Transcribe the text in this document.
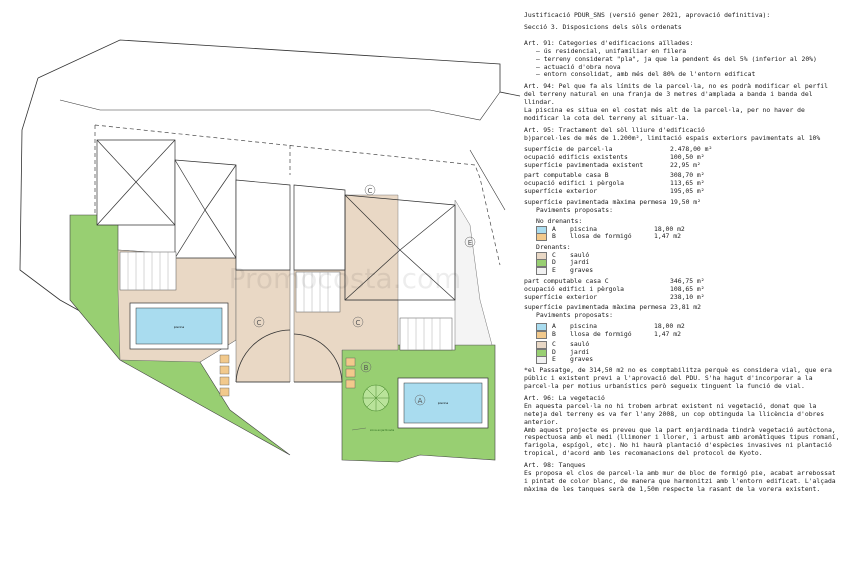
piscina
piscina
zona enjardinada
C	C
C
B
A
E
Promocosta.com
Justificació PDUR_SNS (versió gener 2021, aprovació definitiva):
Secció 3. Disposicions dels sòls ordenats
Art. 91: Categories d'edificacions aïllades:
– ús residencial, unifamiliar en filera
– terreny considerat "pla", ja que la pendent és del 5% (inferior al 20%)
– actuació d'obra nova
– entorn consolidat, amb més del 80% de l'entorn edificat
Art. 94: Pel que fa als límits de la parcel·la, no es podrà modificar el perfil del terreny natural en una franja de 3 metres d'amplada a banda i banda del llindar.
La piscina es situa en el costat més alt de la parcel·la, per no haver de modificar la cota del terreny al situar-la.
Art. 95: Tractament del sòl lliure d'edificació
b)parcel·les de més de 1.200m², limitació espais exteriors pavimentats al 10%
superfície de parcel·la	2.478,00 m²
ocupació edificis existents	100,50 m²
superfície pavimentada existent	22,95 m²
part computable casa B	308,70 m²
ocupació edifici i pèrgola	113,65 m²
superfície exterior	195,05 m²
superfície pavimentada màxima permesa 19,50 m²
Paviments proposats:
No drenants:
A	piscina	18,00 m2
B	llosa de formigó	1,47 m2
Drenants:
C	sauló
D	jardí
E	graves
part computable casa C	346,75 m²
ocupació edifici i pèrgola	108,65 m²
superfície exterior	238,10 m²
superfície pavimentada màxima permesa 23,81 m2
Paviments proposats:
A	piscina	18,00 m2
B	llosa de formigó	1,47 m2
C	sauló
D	jardí
E	graves
*el Passatge, de 314,50 m2 no es comptabilitza perquè es considera vial, que era públic i existent previ a l'aprovació del PDU. S'ha hagut d'incorporar a la parcel·la per motius urbanístics però segueix tinguent la funció de vial.
Art. 96: La vegetació
En aquesta parcel·la no hi trobem arbrat existent ni vegetació, donat que la neteja del terreny es va fer l'any 2008, un cop obtinguda la llicència d'obres anterior.
Amb aquest projecte es preveu que la part enjardinada tindrà vegetació autòctona, respectuosa amb el medi (llimoner i llorer, i arbust amb aromàtiques tipus romaní, farigola, espígol, etc). No hi haurà plantació d'espècies invasives ni plantació tropical, d'acord amb les recomanacions del protocol de Kyoto.
Art. 98: Tanques
Es proposa el clos de parcel·la amb mur de bloc de formigó pie, acabat arrebossat i pintat de color blanc, de manera que harmonitzi amb l'entorn edificat. L'alçada màxima de les tanques serà de 1,50m respecte la rasant de la vorera existent.
